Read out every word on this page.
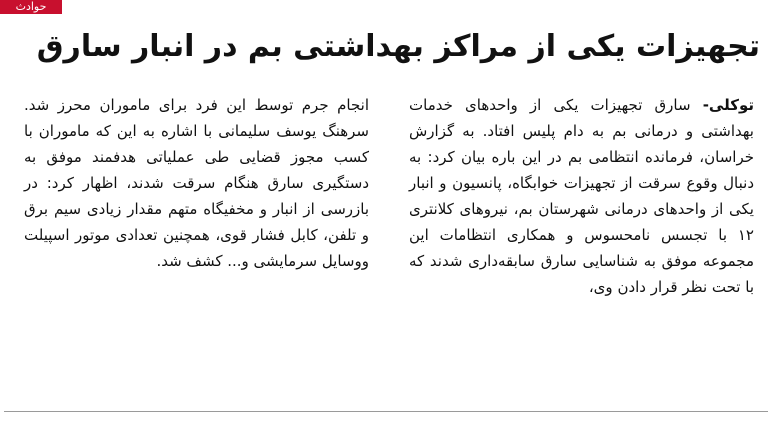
حوادث
تجهیزات یکی از مراکز بهداشتی بم در انبار سارق
توکلی- سارق تجهیزات یکی از واحدهای خدمات بهداشتی و درمانی بم به دام پلیس افتاد. به گزارش خراسان، فرمانده انتظامی بم در این باره بیان کرد: به دنبال وقوع سرقت از تجهیزات خوابگاه، پانسیون و انبار یکی از واحدهای درمانی شهرستان بم، نیروهای کلانتری ۱۲ با تجسس نامحسوس و همکاری انتظامات این مجموعه موفق به شناسایی سارق سابقه‌داری شدند که با تحت نظر قرار دادن وی،
انجام جرم توسط این فرد برای ماموران محرز شد. سرهنگ یوسف سلیمانی با اشاره به این که ماموران با کسب مجوز قضایی طی عملیاتی هدفمند موفق به دستگیری سارق هنگام سرقت شدند، اظهار کرد: در بازرسی از انبار و مخفیگاه متهم مقدار زیادی سیم برق و تلفن، کابل فشار قوی، همچنین تعدادی موتور اسپیلت ووسایل سرمایشی و... کشف شد.
